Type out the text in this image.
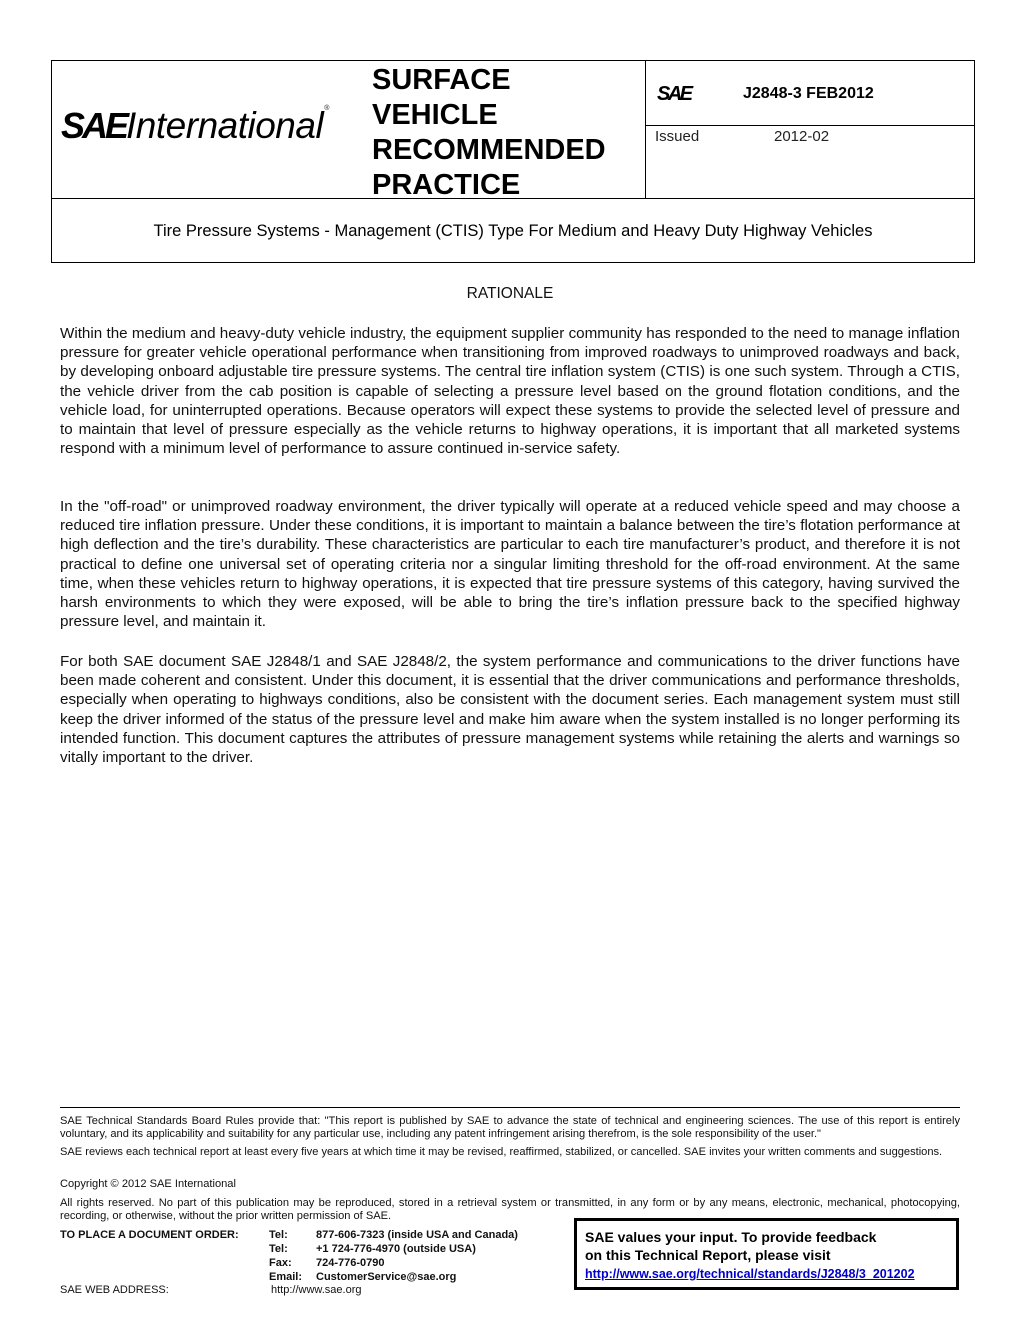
SAEInternational®
SURFACE
VEHICLE
RECOMMENDED
PRACTICE
SAE	J2848-3 FEB2012
Issued	2012-02
Tire Pressure Systems - Management (CTIS) Type For Medium and Heavy Duty Highway Vehicles
RATIONALE
Within the medium and heavy-duty vehicle industry, the equipment supplier community has responded to the need to manage inflation pressure for greater vehicle operational performance when transitioning from improved roadways to unimproved roadways and back, by developing onboard adjustable tire pressure systems. The central tire inflation system (CTIS) is one such system. Through a CTIS, the vehicle driver from the cab position is capable of selecting a pressure level based on the ground flotation conditions, and the vehicle load, for uninterrupted operations. Because operators will expect these systems to provide the selected level of pressure and to maintain that level of pressure especially as the vehicle returns to highway operations, it is important that all marketed systems respond with a minimum level of performance to assure continued in-service safety.
In the "off-road" or unimproved roadway environment, the driver typically will operate at a reduced vehicle speed and may choose a reduced tire inflation pressure. Under these conditions, it is important to maintain a balance between the tire’s flotation performance at high deflection and the tire’s durability. These characteristics are particular to each tire manufacturer’s product, and therefore it is not practical to define one universal set of operating criteria nor a singular limiting threshold for the off-road environment. At the same time, when these vehicles return to highway operations, it is expected that tire pressure systems of this category, having survived the harsh environments to which they were exposed, will be able to bring the tire’s inflation pressure back to the specified highway pressure level, and maintain it.
For both SAE document SAE J2848/1 and SAE J2848/2, the system performance and communications to the driver functions have been made coherent and consistent. Under this document, it is essential that the driver communications and performance thresholds, especially when operating to highways conditions, also be consistent with the document series. Each management system must still keep the driver informed of the status of the pressure level and make him aware when the system installed is no longer performing its intended function. This document captures the attributes of pressure management systems while retaining the alerts and warnings so vitally important to the driver.
SAE Technical Standards Board Rules provide that: "This report is published by SAE to advance the state of technical and engineering sciences. The use of this report is entirely voluntary, and its applicability and suitability for any particular use, including any patent infringement arising therefrom, is the sole responsibility of the user."
SAE reviews each technical report at least every five years at which time it may be revised, reaffirmed, stabilized, or cancelled. SAE invites your written comments and suggestions.
Copyright © 2012 SAE International
All rights reserved. No part of this publication may be reproduced, stored in a retrieval system or transmitted, in any form or by any means, electronic, mechanical, photocopying, recording, or otherwise, without the prior written permission of SAE.
TO PLACE A DOCUMENT ORDER:	Tel:	877-606-7323 (inside USA and Canada)
Tel:	+1 724-776-4970 (outside USA)
Fax: 724-776-0790
Email: CustomerService@sae.org
SAE WEB ADDRESS:	http://www.sae.org
SAE values your input. To provide feedback
on this Technical Report, please visit
http://www.sae.org/technical/standards/J2848/3_201202
